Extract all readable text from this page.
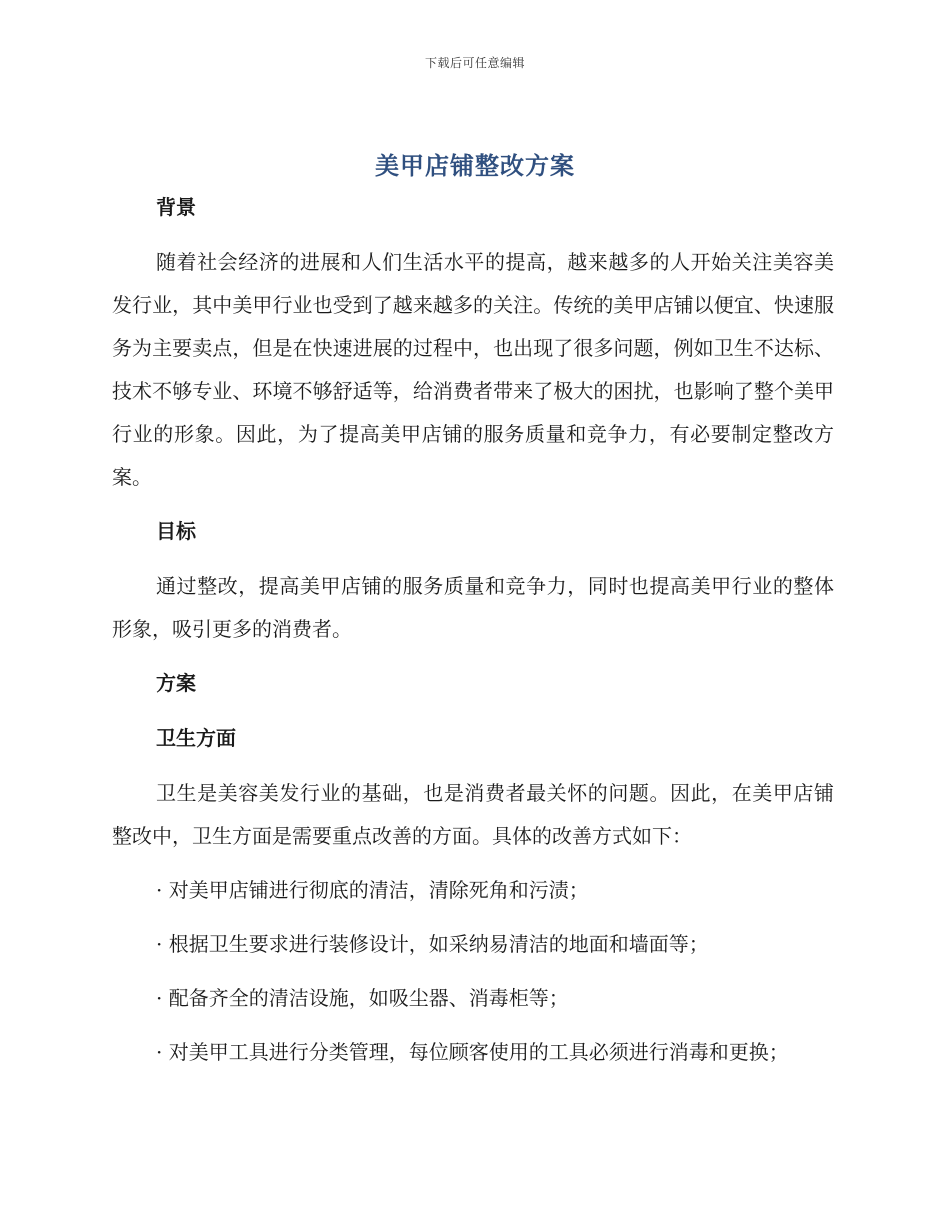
下载后可任意编辑
美甲店铺整改方案

背景

随着社会经济的进展和人们生活水平的提高，越来越多的人开始关注美容美发行业，其中美甲行业也受到了越来越多的关注。传统的美甲店铺以便宜、快速服务为主要卖点，但是在快速进展的过程中，也出现了很多问题，例如卫生不达标、技术不够专业、环境不够舒适等，给消费者带来了极大的困扰，也影响了整个美甲行业的形象。因此，为了提高美甲店铺的服务质量和竞争力，有必要制定整改方案。

目标

通过整改，提高美甲店铺的服务质量和竞争力，同时也提高美甲行业的整体形象，吸引更多的消费者。

方案

卫生方面

卫生是美容美发行业的基础，也是消费者最关怀的问题。因此，在美甲店铺整改中，卫生方面是需要重点改善的方面。具体的改善方式如下：

· 对美甲店铺进行彻底的清洁，清除死角和污渍；

· 根据卫生要求进行装修设计，如采纳易清洁的地面和墙面等；

· 配备齐全的清洁设施，如吸尘器、消毒柜等；

· 对美甲工具进行分类管理，每位顾客使用的工具必须进行消毒和更换；
